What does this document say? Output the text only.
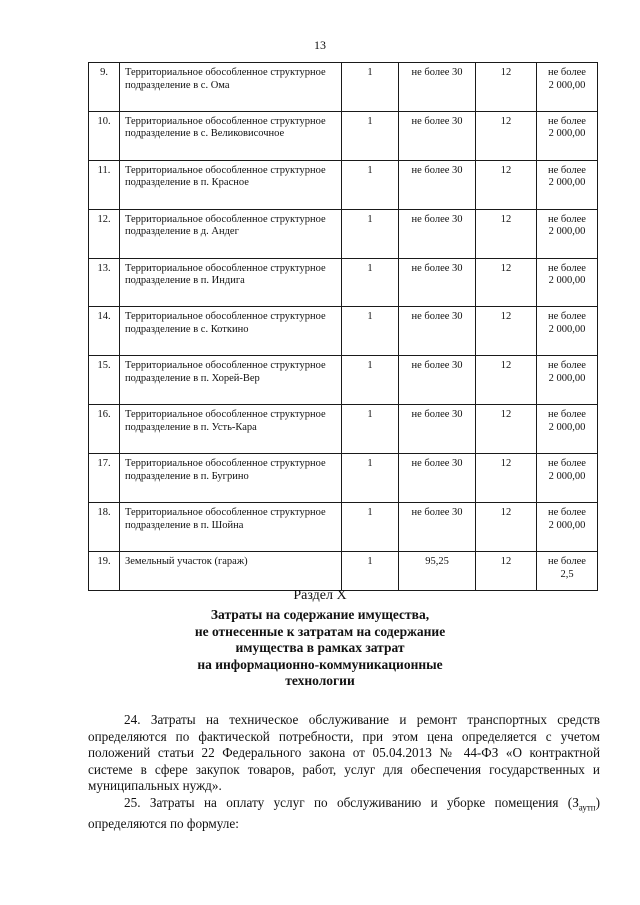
13
9.	Территориальное обособленное структурное подразделение в с. Ома	1	не более 30	12	не более
2 000,00

10.	Территориальное обособленное структурное подразделение в с. Великовисочное	1	не более 30	12	не более
2 000,00

11.	Территориальное обособленное структурное подразделение в п. Красное	1	не более 30	12	не более
2 000,00

12.	Территориальное обособленное структурное подразделение в д. Андег	1	не более 30	12	не более
2 000,00

13.	Территориальное обособленное структурное подразделение в п. Индига	1	не более 30	12	не более
2 000,00

14.	Территориальное обособленное структурное подразделение в с. Коткино	1	не более 30	12	не более
2 000,00

15.	Территориальное обособленное структурное подразделение в п. Хорей-Вер	1	не более 30	12	не более
2 000,00

16.	Территориальное обособленное структурное подразделение в п. Усть-Кара	1	не более 30	12	не более
2 000,00

17.	Территориальное обособленное структурное подразделение в п. Бугрино	1	не более 30	12	не более
2 000,00

18.	Территориальное обособленное структурное подразделение в п. Шойна	1	не более 30	12	не более
2 000,00

19.	Земельный участок (гараж)	1	95,25	12	не более
2,5
Раздел X
Затраты на содержание имущества,
не отнесенные к затратам на содержание
имущества в рамках затрат
на информационно-коммуникационные
технологии

24. Затраты на техническое обслуживание и ремонт транспортных средств определяются по фактической потребности, при этом цена определяется с учетом положений статьи 22 Федерального закона от 05.04.2013 № 44-ФЗ «О контрактной системе в сфере закупок товаров, работ, услуг для обеспечения государственных и муниципальных нужд».

25. Затраты на оплату услуг по обслуживанию и уборке помещения $(З_{аутп})$ определяются по формуле:
